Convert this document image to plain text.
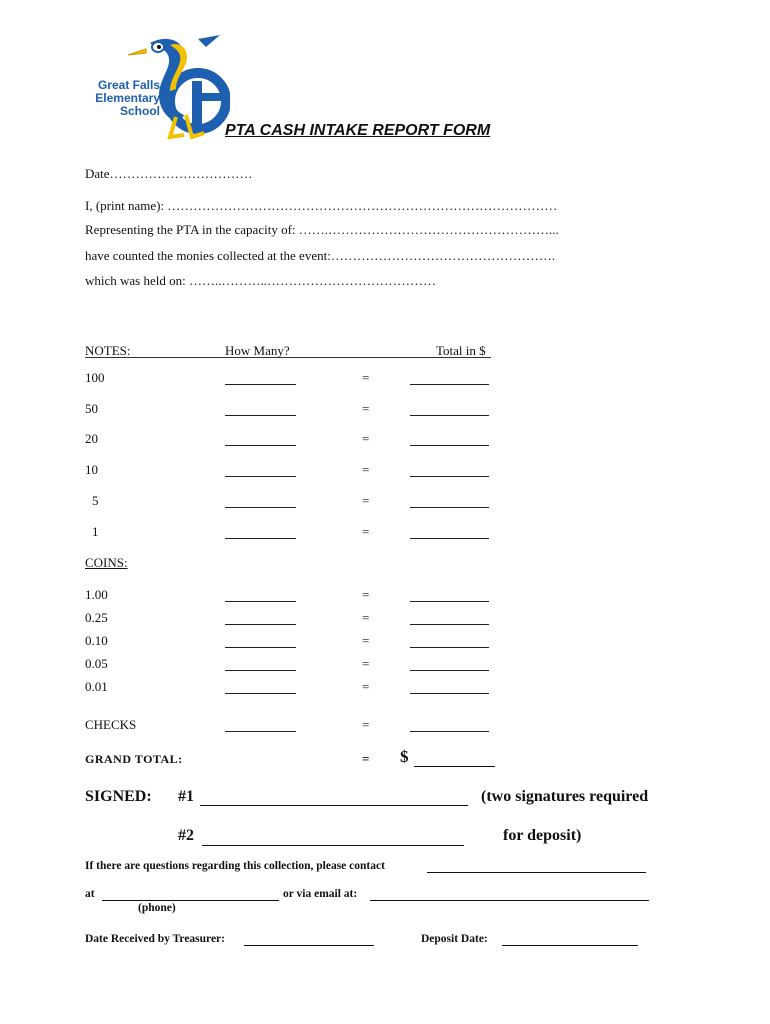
Great Falls
Elementary
School
PTA CASH INTAKE REPORT FORM
Date……………………………
I, (print name): ………………………………………………………………………………
Representing the PTA in the capacity of: …….……………………………………………...
have counted the monies collected at the event:…………………………………………….
which was held on: ……..………..…………………………………
NOTES:	How Many?	Total in $
100	=
50	=
20	=
10	=
5	=
1	=
COINS:
1.00	=
0.25	=
0.10	=
0.05	=
0.01	=
CHECKS	=
GRAND TOTAL:	= $
SIGNED: #1	(two signatures required
#2	for deposit)
If there are questions regarding this collection, please contact
at	or via email at:
(phone)
Date Received by Treasurer:	Deposit Date:
